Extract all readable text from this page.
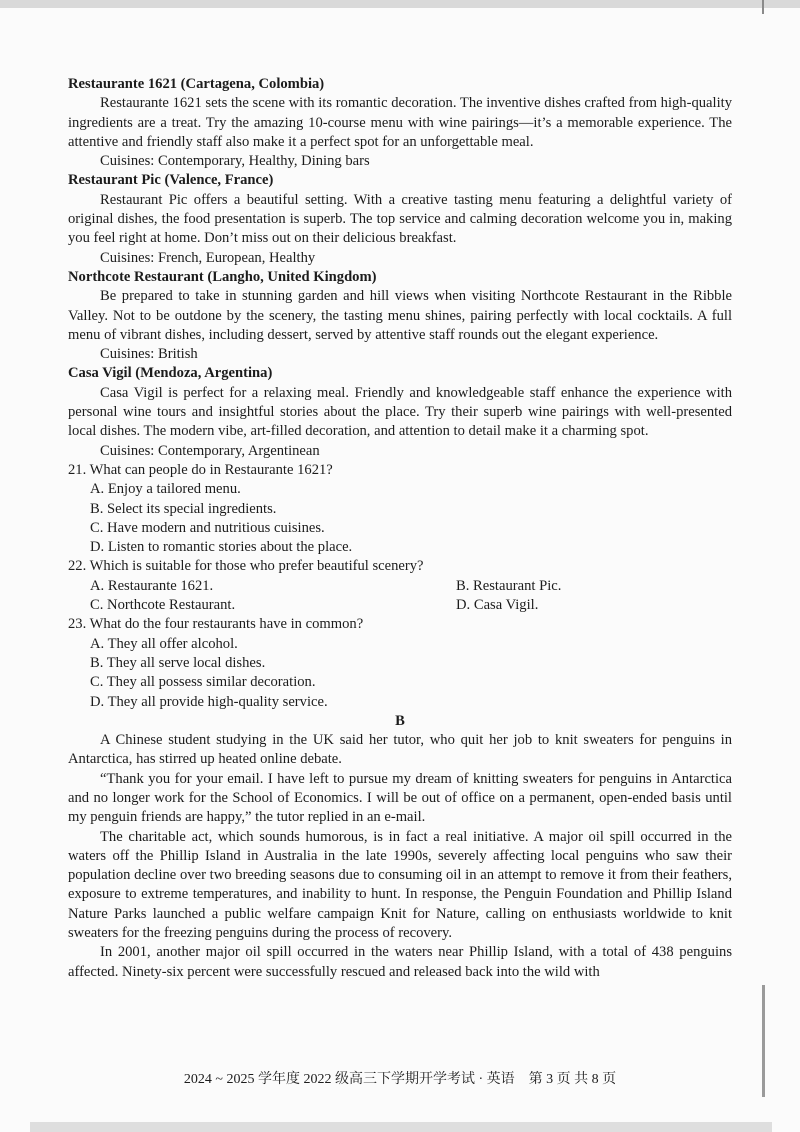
Restaurante 1621 (Cartagena, Colombia)

Restaurante 1621 sets the scene with its romantic decoration. The inventive dishes crafted from high-quality ingredients are a treat. Try the amazing 10-course menu with wine pairings—it’s a memorable experience. The attentive and friendly staff also make it a perfect spot for an unforgettable meal.

Cuisines: Contemporary, Healthy, Dining bars

Restaurant Pic (Valence, France)

Restaurant Pic offers a beautiful setting. With a creative tasting menu featuring a delightful variety of original dishes, the food presentation is superb. The top service and calming decoration welcome you in, making you feel right at home. Don’t miss out on their delicious breakfast.

Cuisines: French, European, Healthy

Northcote Restaurant (Langho, United Kingdom)

Be prepared to take in stunning garden and hill views when visiting Northcote Restaurant in the Ribble Valley. Not to be outdone by the scenery, the tasting menu shines, pairing perfectly with local cocktails. A full menu of vibrant dishes, including dessert, served by attentive staff rounds out the elegant experience.

Cuisines: British

Casa Vigil (Mendoza, Argentina)

Casa Vigil is perfect for a relaxing meal. Friendly and knowledgeable staff enhance the experience with personal wine tours and insightful stories about the place. Try their superb wine pairings with well-presented local dishes. The modern vibe, art-filled decoration, and attention to detail make it a charming spot.

Cuisines: Contemporary, Argentinean

21. What can people do in Restaurante 1621?

A. Enjoy a tailored menu.

B. Select its special ingredients.

C. Have modern and nutritious cuisines.

D. Listen to romantic stories about the place.

22. Which is suitable for those who prefer beautiful scenery?

A. Restaurante 1621.	B. Restaurant Pic.
C. Northcote Restaurant.	D. Casa Vigil.

23. What do the four restaurants have in common?

A. They all offer alcohol.

B. They all serve local dishes.

C. They all possess similar decoration.

D. They all provide high-quality service.

B

A Chinese student studying in the UK said her tutor, who quit her job to knit sweaters for penguins in Antarctica, has stirred up heated online debate.

“Thank you for your email. I have left to pursue my dream of knitting sweaters for penguins in Antarctica and no longer work for the School of Economics. I will be out of office on a permanent, open-ended basis until my penguin friends are happy,” the tutor replied in an e-mail.

The charitable act, which sounds humorous, is in fact a real initiative. A major oil spill occurred in the waters off the Phillip Island in Australia in the late 1990s, severely affecting local penguins who saw their population decline over two breeding seasons due to consuming oil in an attempt to remove it from their feathers, exposure to extreme temperatures, and inability to hunt. In response, the Penguin Foundation and Phillip Island Nature Parks launched a public welfare campaign Knit for Nature, calling on enthusiasts worldwide to knit sweaters for the freezing penguins during the process of recovery.

In 2001, another major oil spill occurred in the waters near Phillip Island, with a total of 438 penguins affected. Ninety-six percent were successfully rescued and released back into the wild with

2024 ~ 2025 学年度 2022 级高三下学期开学考试 · 英语　第 3 页 共 8 页
